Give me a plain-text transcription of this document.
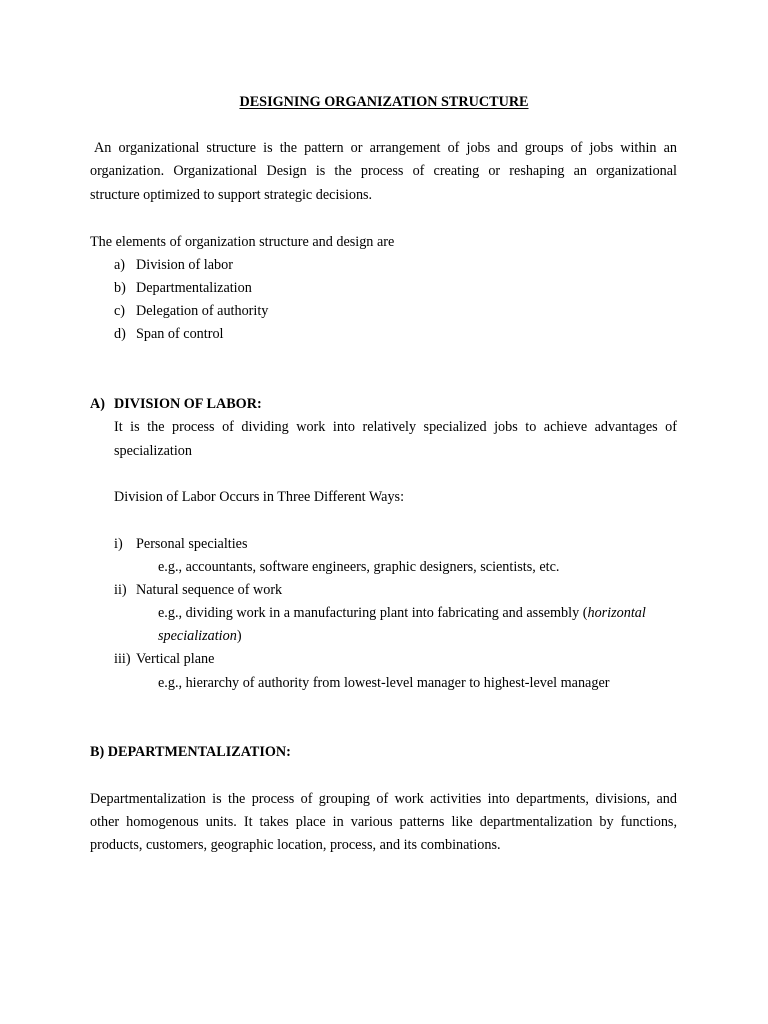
DESIGNING ORGANIZATION STRUCTURE
An organizational structure is the pattern or arrangement of jobs and groups of jobs within an
organization. Organizational Design is the process of creating or reshaping an organizational
structure optimized to support strategic decisions.
The elements of organization structure and design are
a) Division of labor
b) Departmentalization
c) Delegation of authority
d) Span of control
A) DIVISION OF LABOR:
It is the process of dividing work into relatively specialized jobs to achieve advantages of
specialization
Division of Labor Occurs in Three Different Ways:
i) Personal specialties
e.g., accountants, software engineers, graphic designers, scientists, etc.
ii) Natural sequence of work
e.g., dividing work in a manufacturing plant into fabricating and assembly (horizontal
specialization)
iii) Vertical plane
e.g., hierarchy of authority from lowest-level manager to highest-level manager
B) DEPARTMENTALIZATION:
Departmentalization is the process of grouping of work activities into departments, divisions, and
other homogenous units. It takes place in various patterns like departmentalization by functions,
products, customers, geographic location, process, and its combinations.
